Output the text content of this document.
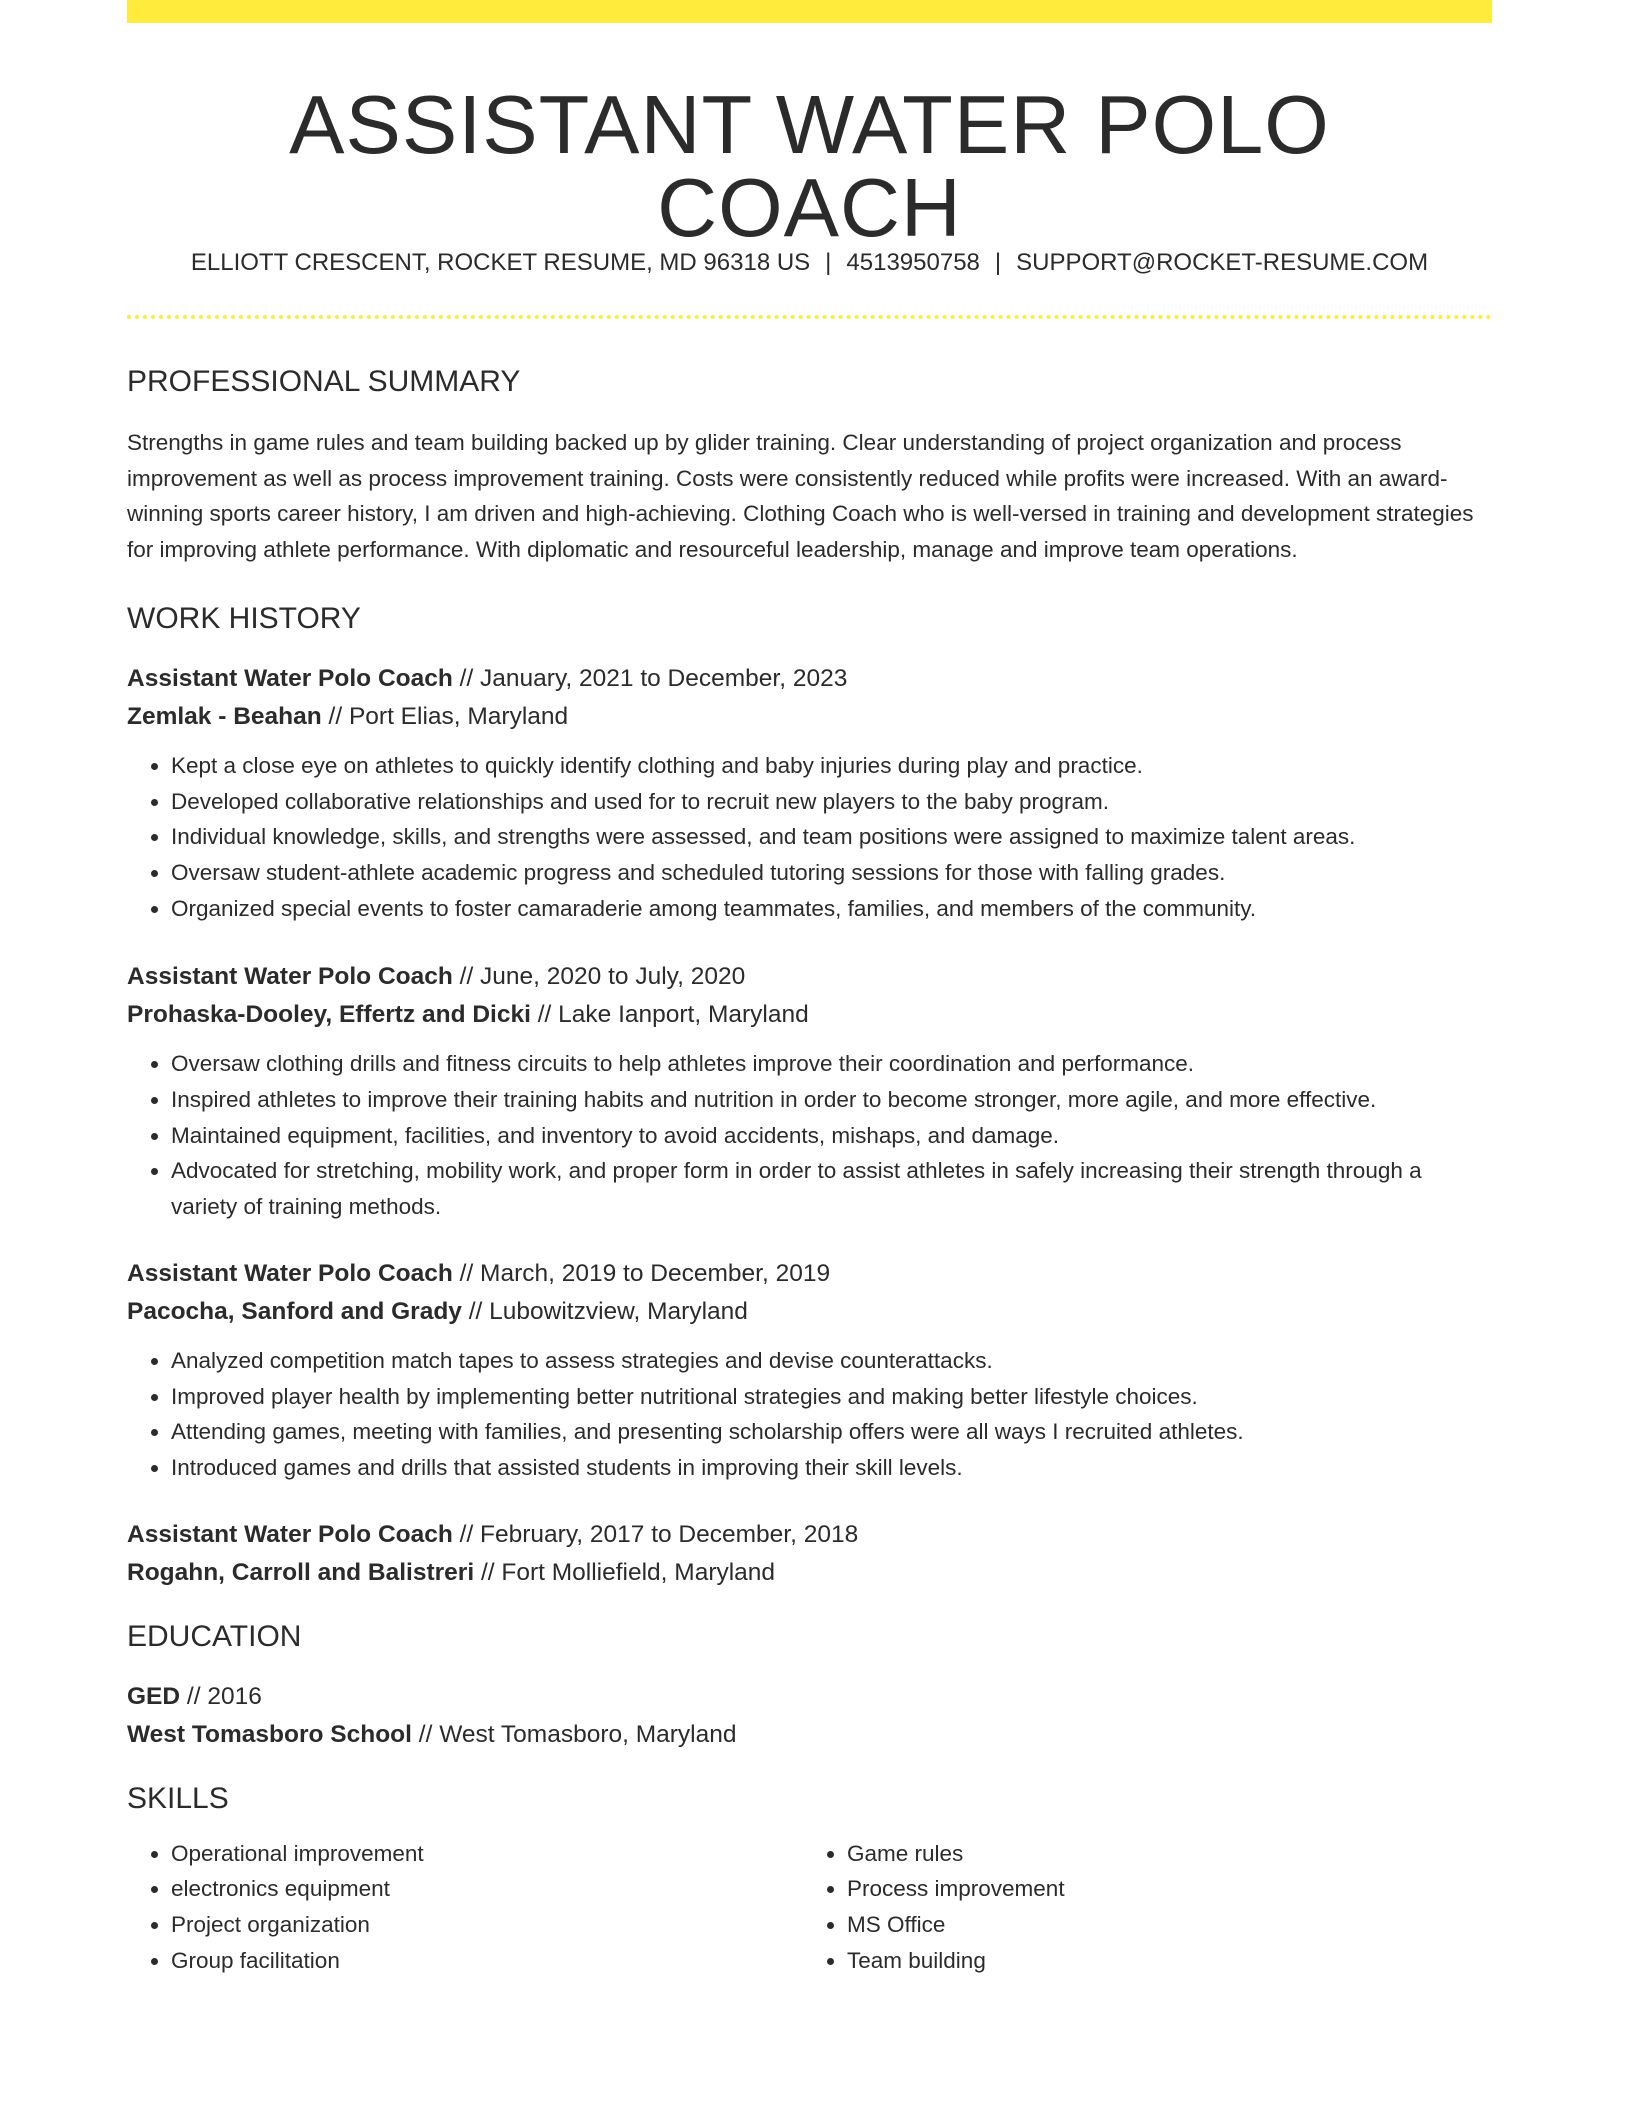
ASSISTANT WATER POLO COACH
ELLIOTT CRESCENT, ROCKET RESUME, MD 96318 US | 4513950758 | SUPPORT@ROCKET-RESUME.COM
PROFESSIONAL SUMMARY

Strengths in game rules and team building backed up by glider training. Clear understanding of project organization and process improvement as well as process improvement training. Costs were consistently reduced while profits were increased. With an award-winning sports career history, I am driven and high-achieving. Clothing Coach who is well-versed in training and development strategies for improving athlete performance. With diplomatic and resourceful leadership, manage and improve team operations.

WORK HISTORY
Assistant Water Polo Coach // January, 2021 to December, 2023
Zemlak - Beahan // Port Elias, Maryland
• Kept a close eye on athletes to quickly identify clothing and baby injuries during play and practice.
• Developed collaborative relationships and used for to recruit new players to the baby program.
• Individual knowledge, skills, and strengths were assessed, and team positions were assigned to maximize talent areas.
• Oversaw student-athlete academic progress and scheduled tutoring sessions for those with falling grades.
• Organized special events to foster camaraderie among teammates, families, and members of the community.
Assistant Water Polo Coach // June, 2020 to July, 2020
Prohaska-Dooley, Effertz and Dicki // Lake Ianport, Maryland
• Oversaw clothing drills and fitness circuits to help athletes improve their coordination and performance.
• Inspired athletes to improve their training habits and nutrition in order to become stronger, more agile, and more effective.
• Maintained equipment, facilities, and inventory to avoid accidents, mishaps, and damage.
• Advocated for stretching, mobility work, and proper form in order to assist athletes in safely increasing their strength through a variety of training methods.
Assistant Water Polo Coach // March, 2019 to December, 2019
Pacocha, Sanford and Grady // Lubowitzview, Maryland
• Analyzed competition match tapes to assess strategies and devise counterattacks.
• Improved player health by implementing better nutritional strategies and making better lifestyle choices.
• Attending games, meeting with families, and presenting scholarship offers were all ways I recruited athletes.
• Introduced games and drills that assisted students in improving their skill levels.
Assistant Water Polo Coach // February, 2017 to December, 2018
Rogahn, Carroll and Balistreri // Fort Molliefield, Maryland
EDUCATION
GED // 2016
West Tomasboro School // West Tomasboro, Maryland
SKILLS
• Operational improvement
• electronics equipment
• Project organization
• Group facilitation
• Game rules
• Process improvement
• MS Office
• Team building
